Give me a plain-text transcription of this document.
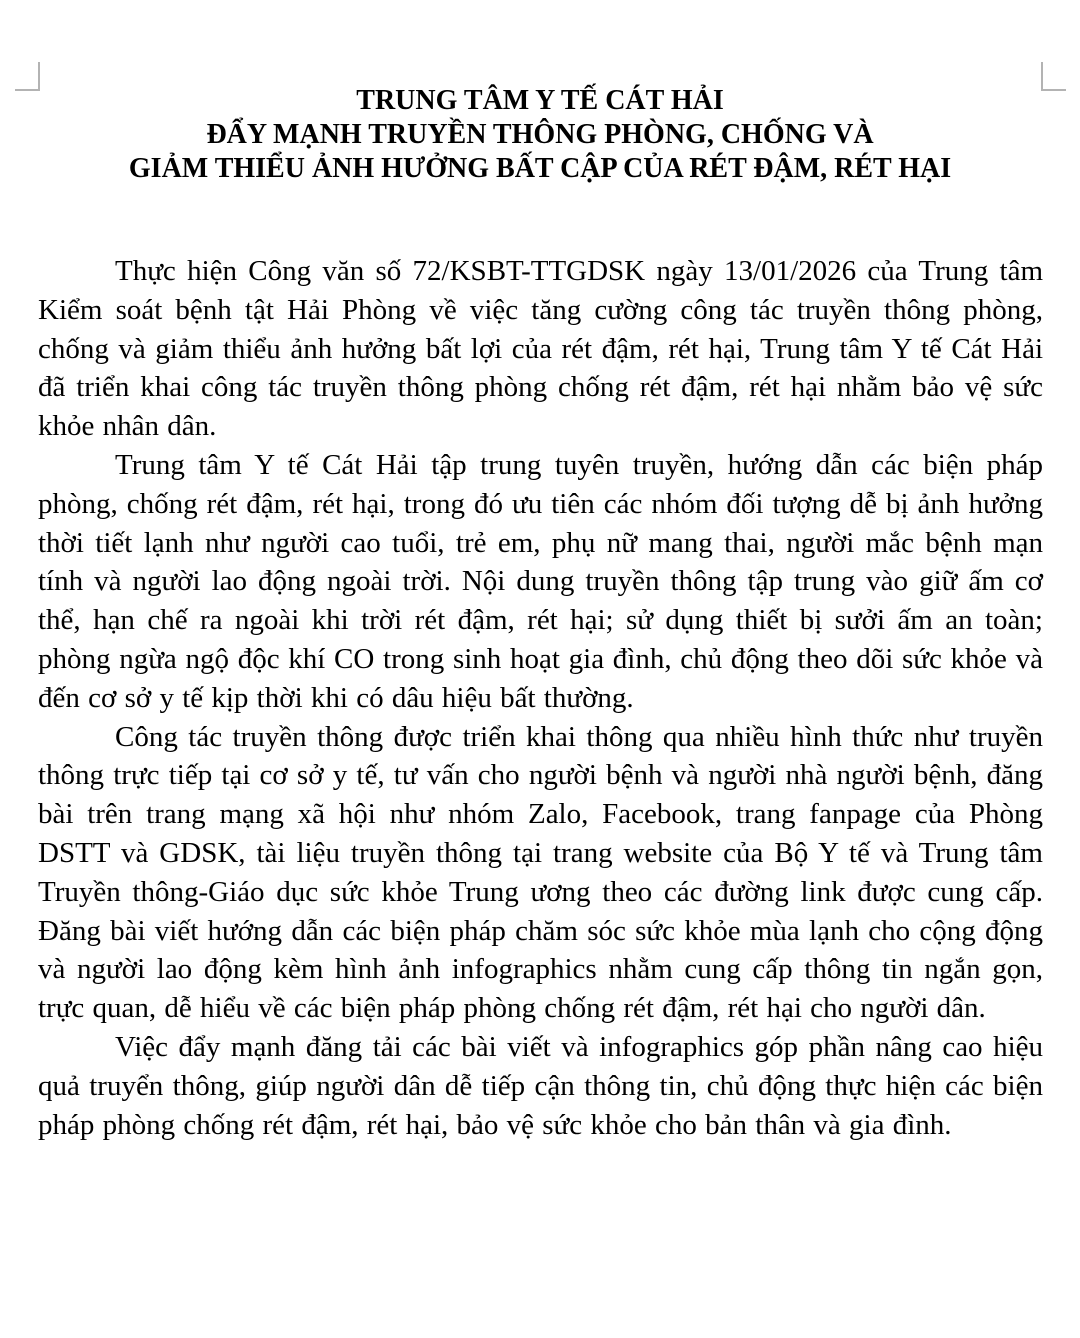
TRUNG TÂM Y TẾ CÁT HẢI
ĐẨY MẠNH TRUYỀN THÔNG PHÒNG, CHỐNG VÀ
GIẢM THIỂU ẢNH HƯỞNG BẤT CẬP CỦA RÉT ĐẬM, RÉT HẠI

Thực hiện Công văn số 72/KSBT-TTGDSK ngày 13/01/2026 của Trung tâm Kiểm soát bệnh tật Hải Phòng về việc tăng cường công tác truyền thông phòng, chống và giảm thiểu ảnh hưởng bất lợi của rét đậm, rét hại, Trung tâm Y tế Cát Hải đã triển khai công tác truyền thông phòng chống rét đậm, rét hại nhằm bảo vệ sức khỏe nhân dân.

Trung tâm Y tế Cát Hải tập trung tuyên truyền, hướng dẫn các biện pháp phòng, chống rét đậm, rét hại, trong đó ưu tiên các nhóm đối tượng dễ bị ảnh hưởng thời tiết lạnh như người cao tuổi, trẻ em, phụ nữ mang thai, người mắc bệnh mạn tính và người lao động ngoài trời. Nội dung truyền thông tập trung vào giữ ấm cơ thể, hạn chế ra ngoài khi trời rét đậm, rét hại; sử dụng thiết bị sưởi ấm an toàn; phòng ngừa ngộ độc khí CO trong sinh hoạt gia đình, chủ động theo dõi sức khỏe và đến cơ sở y tế kịp thời khi có dâu hiệu bất thường.

Công tác truyền thông được triển khai thông qua nhiều hình thức như truyền thông trực tiếp tại cơ sở y tế, tư vấn cho người bệnh và người nhà người bệnh, đăng bài trên trang mạng xã hội như nhóm Zalo, Facebook, trang fanpage của Phòng DSTT và GDSK, tài liệu truyền thông tại trang website của Bộ Y tế và Trung tâm Truyền thông-Giáo dục sức khỏe Trung ương theo các đường link được cung cấp. Đăng bài viết hướng dẫn các biện pháp chăm sóc sức khỏe mùa lạnh cho cộng động và người lao động kèm hình ảnh infographics nhằm cung cấp thông tin ngắn gọn, trực quan, dễ hiểu về các biện pháp phòng chống rét đậm, rét hại cho người dân.

Việc đẩy mạnh đăng tải các bài viết và infographics góp phần nâng cao hiệu quả truyển thông, giúp người dân dễ tiếp cận thông tin, chủ động thực hiện các biện pháp phòng chống rét đậm, rét hại, bảo vệ sức khỏe cho bản thân và gia đình.
